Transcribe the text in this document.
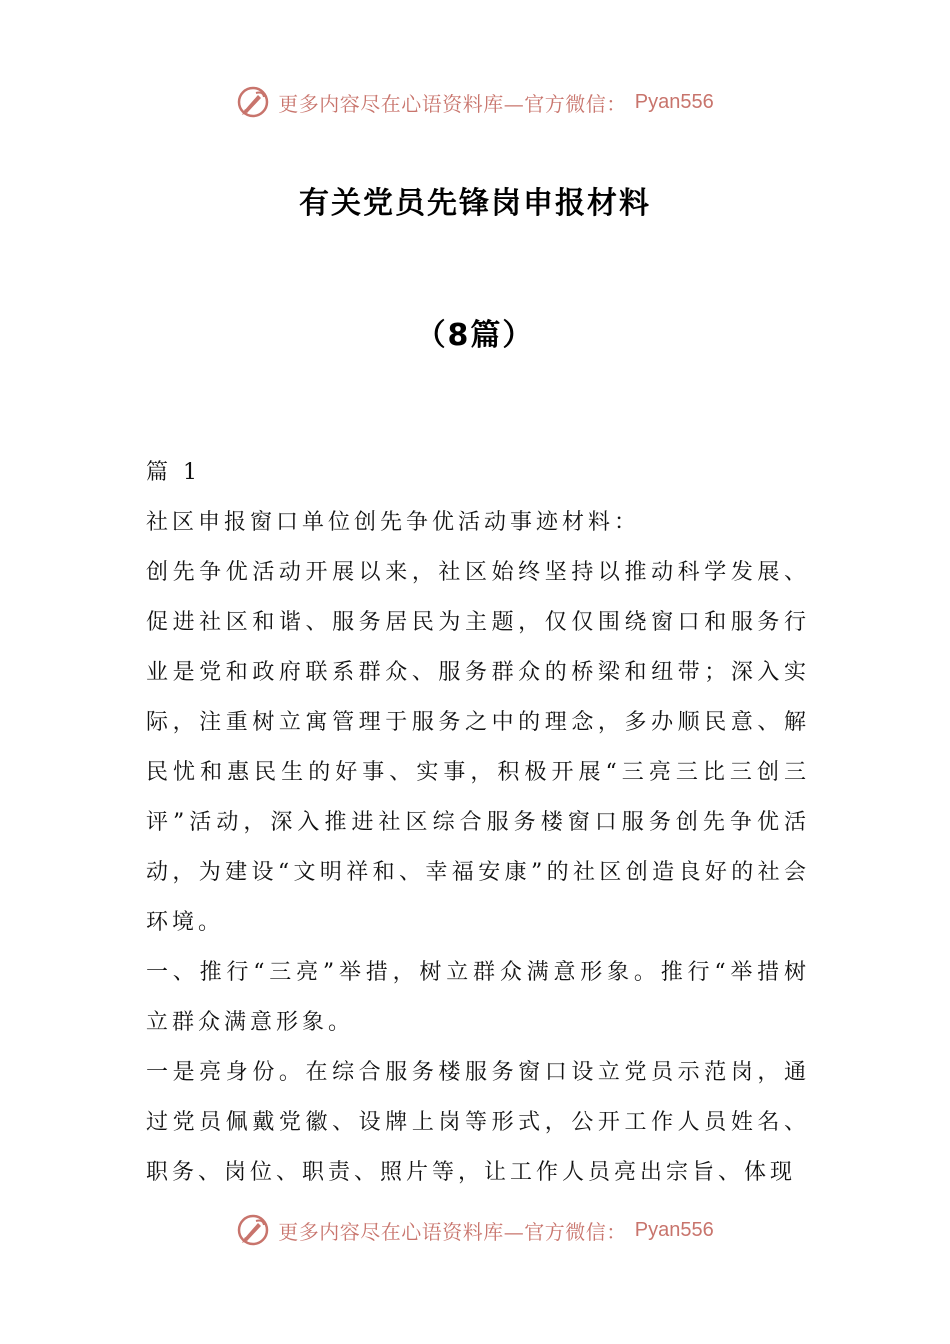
更多内容尽在心语资料库—官方微信： Pyan556
有关党员先锋岗申报材料
（8篇）

篇 1

社区申报窗口单位创先争优活动事迹材料：

创先争优活动开展以来，社区始终坚持以推动科学发展、促进社区和谐、服务居民为主题，仅仅围绕窗口和服务行业是党和政府联系群众、服务群众的桥梁和纽带；深入实际，注重树立寓管理于服务之中的理念，多办顺民意、解民忧和惠民生的好事、实事，积极开展“三亮三比三创三评”活动，深入推进社区综合服务楼窗口服务创先争优活动，为建设“文明祥和、幸福安康”的社区创造良好的社会环境。

一、推行“三亮”举措，树立群众满意形象。推行“举措树立群众满意形象。

一是亮身份。在综合服务楼服务窗口设立党员示范岗，通过党员佩戴党徽、设牌上岗等形式，公开工作人员姓名、职务、岗位、职责、照片等，让工作人员亮出宗旨、体现

更多内容尽在心语资料库—官方微信： Pyan556
